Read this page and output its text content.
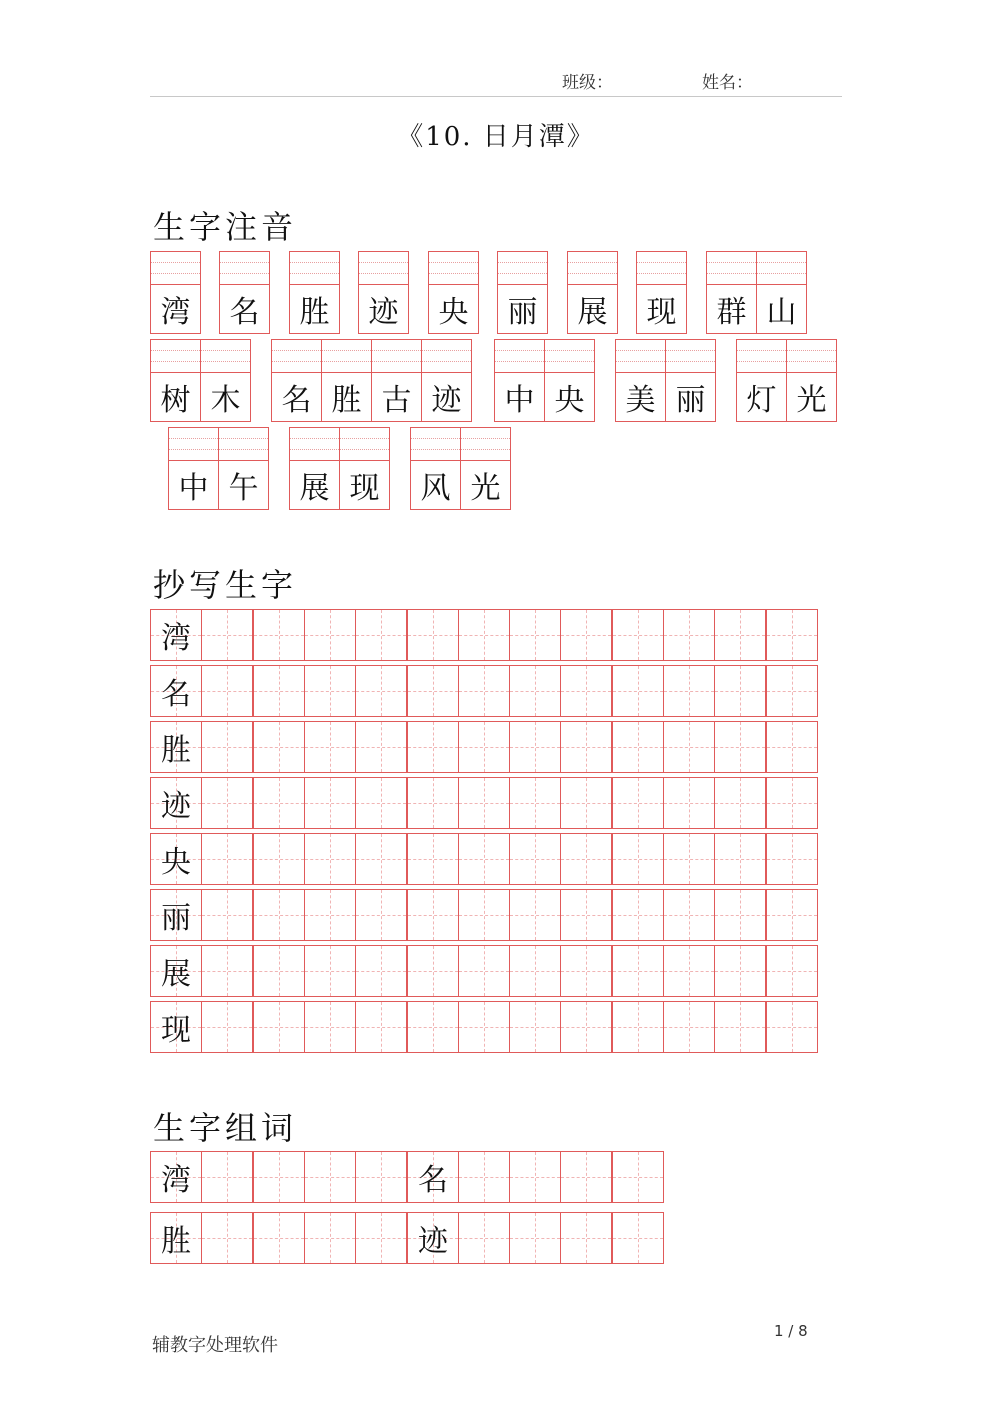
班级：	姓名：
《10. 日月潭》
生字注音
抄写生字
生字组词
湾	名	胜	迹	央	丽	展	现	群 山
树 木	名 胜 古 迹	中 央	美 丽	灯 光
中 午	展 现	风 光
湾
名
胜
迹
央
丽
展
现
湾	名
胜	迹
辅教字处理软件
1 / 8
